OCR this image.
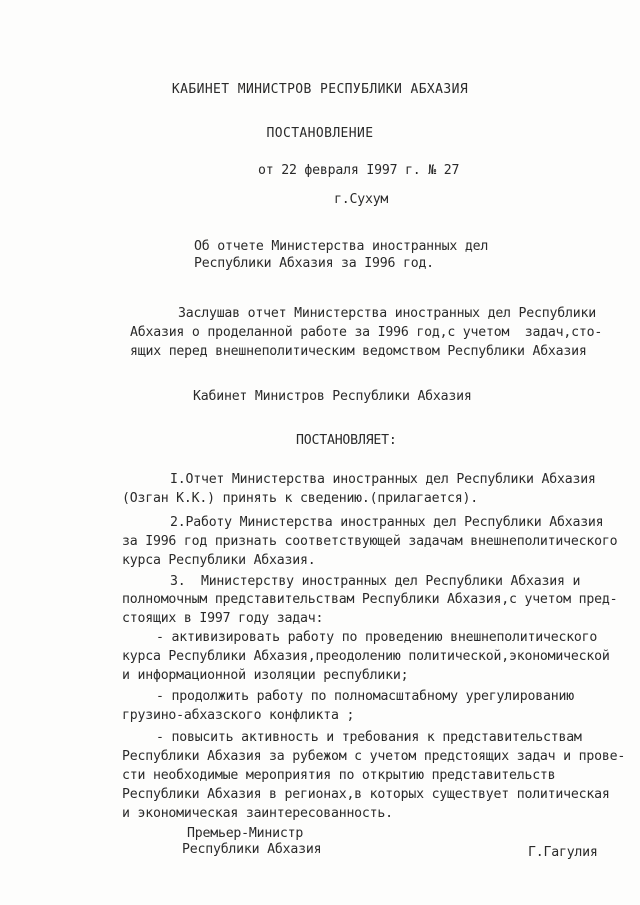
КАБИНЕТ МИНИСТРОВ РЕСПУБЛИКИ АБХАЗИЯ
ПОСТАНОВЛЕНИЕ
от 22 февраля I997 г. № 27
г.Сухум
Об отчете Министерства иностранных дел
Республики Абхазия за I996 год.
Заслушав отчет Министерства иностранных дел Республики
Абхазия о проделанной работе за I996 год,с учетом  задач,сто-
ящих перед внешнеполитическим ведомством Республики Абхазия
Кабинет Министров Республики Абхазия
ПОСТАНОВЛЯЕТ:
I.Отчет Министерства иностранных дел Республики Абхазия
(Озган К.К.) принять к сведению.(прилагается).
2.Работу Министерства иностранных дел Республики Абхазия
за I996 год признать соответствующей задачам внешнеполитического
курса Республики Абхазия.
3.  Министерству иностранных дел Республики Абхазия и
полномочным представительствам Республики Абхазия,с учетом пред-
стоящих в I997 году задач:
- активизировать работу по проведению внешнеполитического
курса Республики Абхазия,преодолению политической,экономической
и информационной изоляции республики;
- продолжить работу по полномасштабному урегулированию
грузино-абхазского конфликта ;
- повысить активность и требования к представительствам
Республики Абхазия за рубежом с учетом предстоящих задач и прове-
сти необходимые мероприятия по открытию представительств
Республики Абхазия в регионах,в которых существует политическая
и экономическая заинтересованность.
Премьер-Министр
Республики Абхазия	Г.Гагулия
